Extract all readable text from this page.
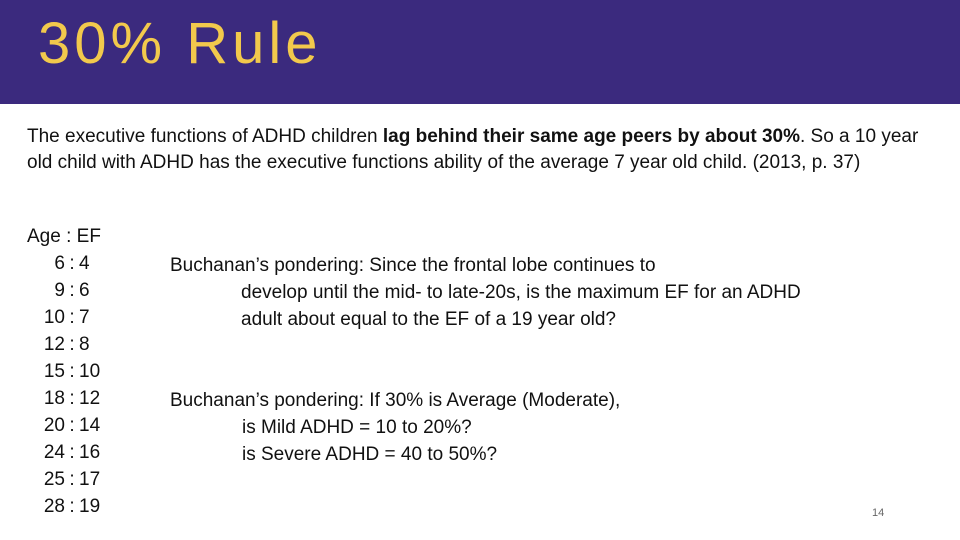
30% Rule
The executive functions of ADHD children lag behind their same age peers by about 30%. So a 10 year old child with ADHD has the executive functions ability of the average 7 year old child. (2013, p. 37)
Age : EF
6 : 4
9 : 6
10 : 7
12 : 8
15 : 10
18 : 12
20 : 14
24 : 16
25 : 17
28 : 19
Buchanan’s pondering: Since the frontal lobe continues to
develop until the mid- to late-20s, is the maximum EF for an ADHD
adult about equal to the EF of a 19 year old?
Buchanan’s pondering: If 30% is Average (Moderate),
is Mild ADHD = 10 to 20%?
is Severe ADHD = 40 to 50%?
14
